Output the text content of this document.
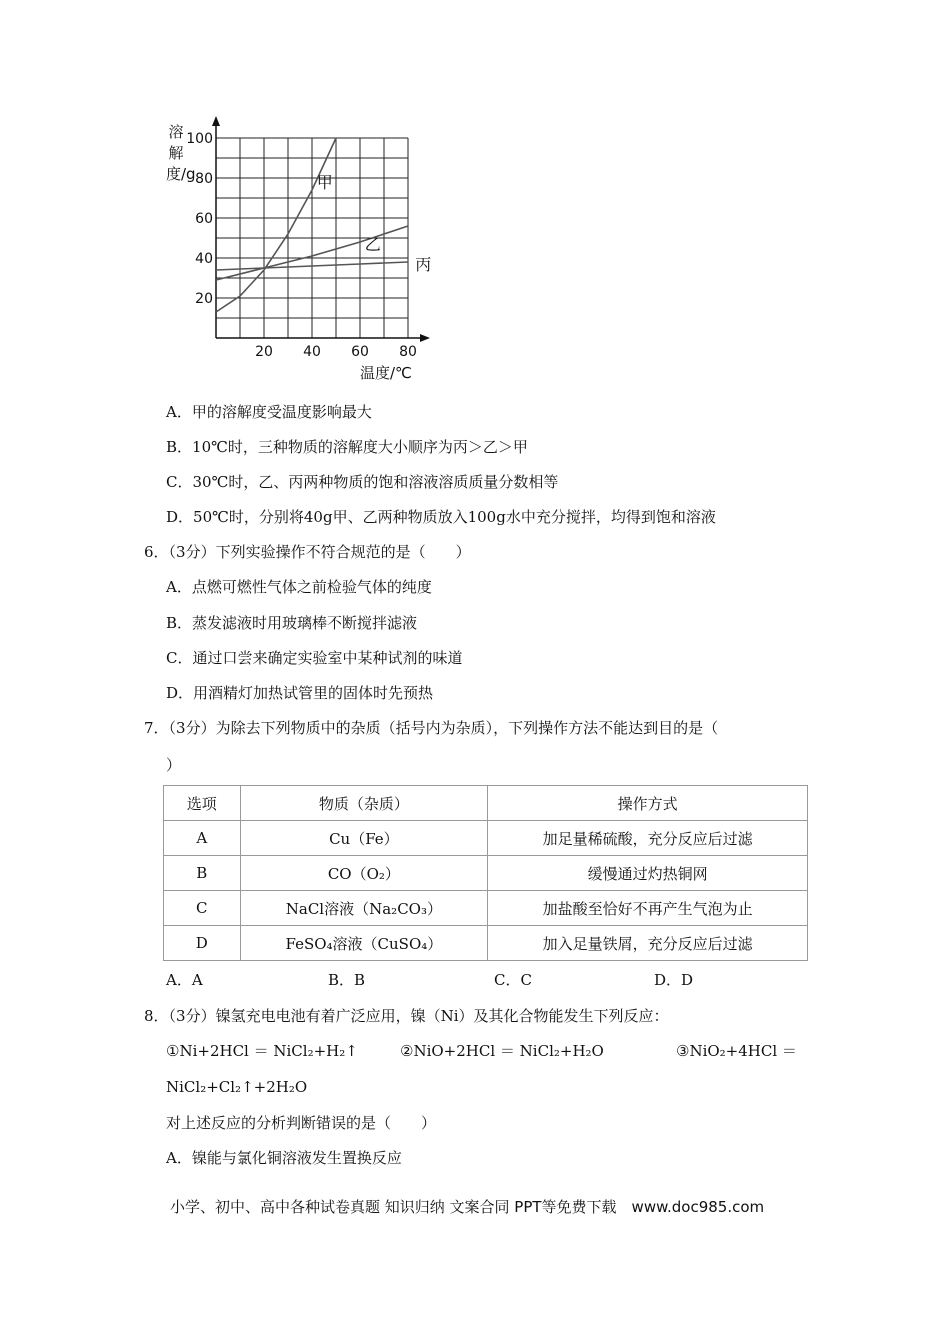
100
80
60
40
20
20 40 60 80
甲
乙
丙
溶解度/g
温度/℃
A．甲的溶解度受温度影响最大
B．10℃时，三种物质的溶解度大小顺序为丙＞乙＞甲
C．30℃时，乙、丙两种物质的饱和溶液溶质质量分数相等
D．50℃时，分别将40g甲、乙两种物质放入100g水中充分搅拌，均得到饱和溶液
6．（3分）下列实验操作不符合规范的是（　　）
A．点燃可燃性气体之前检验气体的纯度
B．蒸发滤液时用玻璃棒不断搅拌滤液
C．通过口尝来确定实验室中某种试剂的味道
D．用酒精灯加热试管里的固体时先预热
7．（3分）为除去下列物质中的杂质（括号内为杂质），下列操作方法不能达到目的是（
）
选项	物质（杂质）	操作方式
A	Cu（Fe）	加足量稀硫酸，充分反应后过滤
B	CO（O₂）	缓慢通过灼热铜网
C	NaCl溶液（Na₂CO₃）	加盐酸至恰好不再产生气泡为止
D	FeSO₄溶液（CuSO₄）	加入足量铁屑，充分反应后过滤
A．A	B．B	C．C	D．D
8．（3分）镍氢充电电池有着广泛应用，镍（Ni）及其化合物能发生下列反应：
①Ni+2HCl ＝ NiCl₂+H₂↑	②NiO+2HCl ＝ NiCl₂+H₂O	③NiO₂+4HCl ＝
NiCl₂+Cl₂↑+2H₂O
对上述反应的分析判断错误的是（　　）
A．镍能与氯化铜溶液发生置换反应
小学、初中、高中各种试卷真题 知识归纳 文案合同 PPT等免费下载　www.doc985.com
